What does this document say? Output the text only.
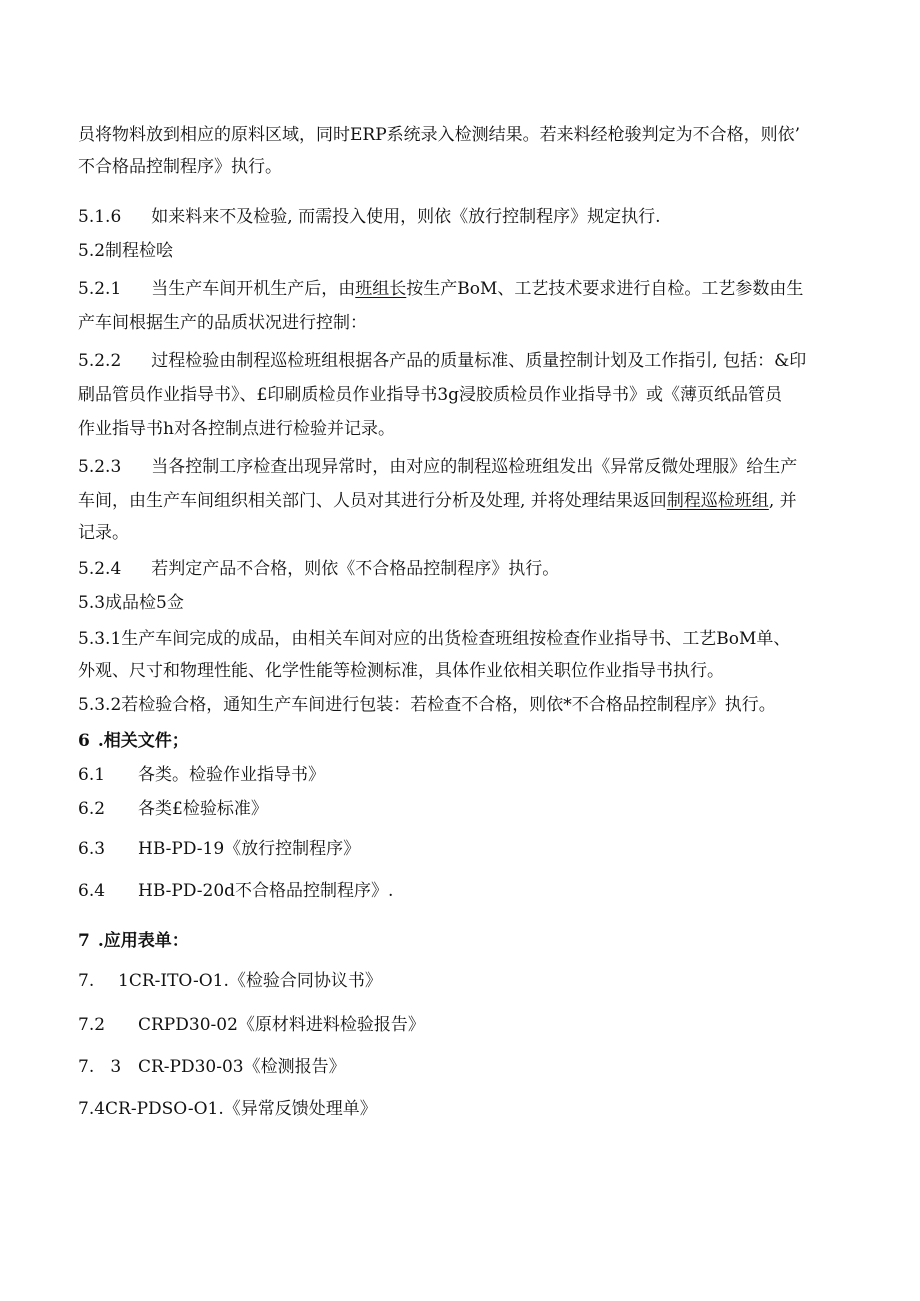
员将物料放到相应的原料区域，同时ERP系统录入检测结果。若来料经枪骏判定为不合格，则依’
不合格品控制程序》执行。
5.1.6 如来料来不及检验, 而需投入使用，则依《放行控制程序》规定执行.
5.2制程检哙
5.2.1 当生产车间开机生产后，由班组长按生产BoM、工艺技术要求进行自检。工艺参数由生
产车间根据生产的品质状况进行控制：
5.2.2 过程检验由制程巡检班组根据各产品的质量标准、质量控制计划及工作指引, 包括：&印
刷品管员作业指导书》、£印刷质检员作业指导书3g浸胶质检员作业指导书》或《薄页纸品管员
作业指导书h对各控制点进行检验并记录。
5.2.3 当各控制工序检查出现异常时，由对应的制程巡检班组发出《异常反微处理服》给生产
车间，由生产车间组织相关部门、人员对其进行分析及处理, 并将处理结果返回制程巡检班组, 并
记录。
5.2.4 若判定产品不合格，则依《不合格品控制程序》执行。
5.3成品检5佥
5.3.1生产车间完成的成品，由相关车间对应的出货检查班组按检查作业指导书、工艺BoM单、
外观、尺寸和物理性能、化学性能等检测标准，具体作业依相关职位作业指导书执行。
5.3.2若检验合格，通知生产车间进行包装：若检查不合格，则依*不合格品控制程序》执行。
6 .相关文件；
6.1 各类。检验作业指导书》
6.2 各类£检验标准》
6.3 HB-PD-19《放行控制程序》
6.4 HB-PD-20d不合格品控制程序》.
7 .应用表单：
7. 1CR-ITO-O1.《检验合同协议书》
7.2 CRPD30-02《原材料进料检验报告》
7.   3 CR-PD30-03《检测报告》
7.4CR-PDSO-O1.《异常反馈处理单》
